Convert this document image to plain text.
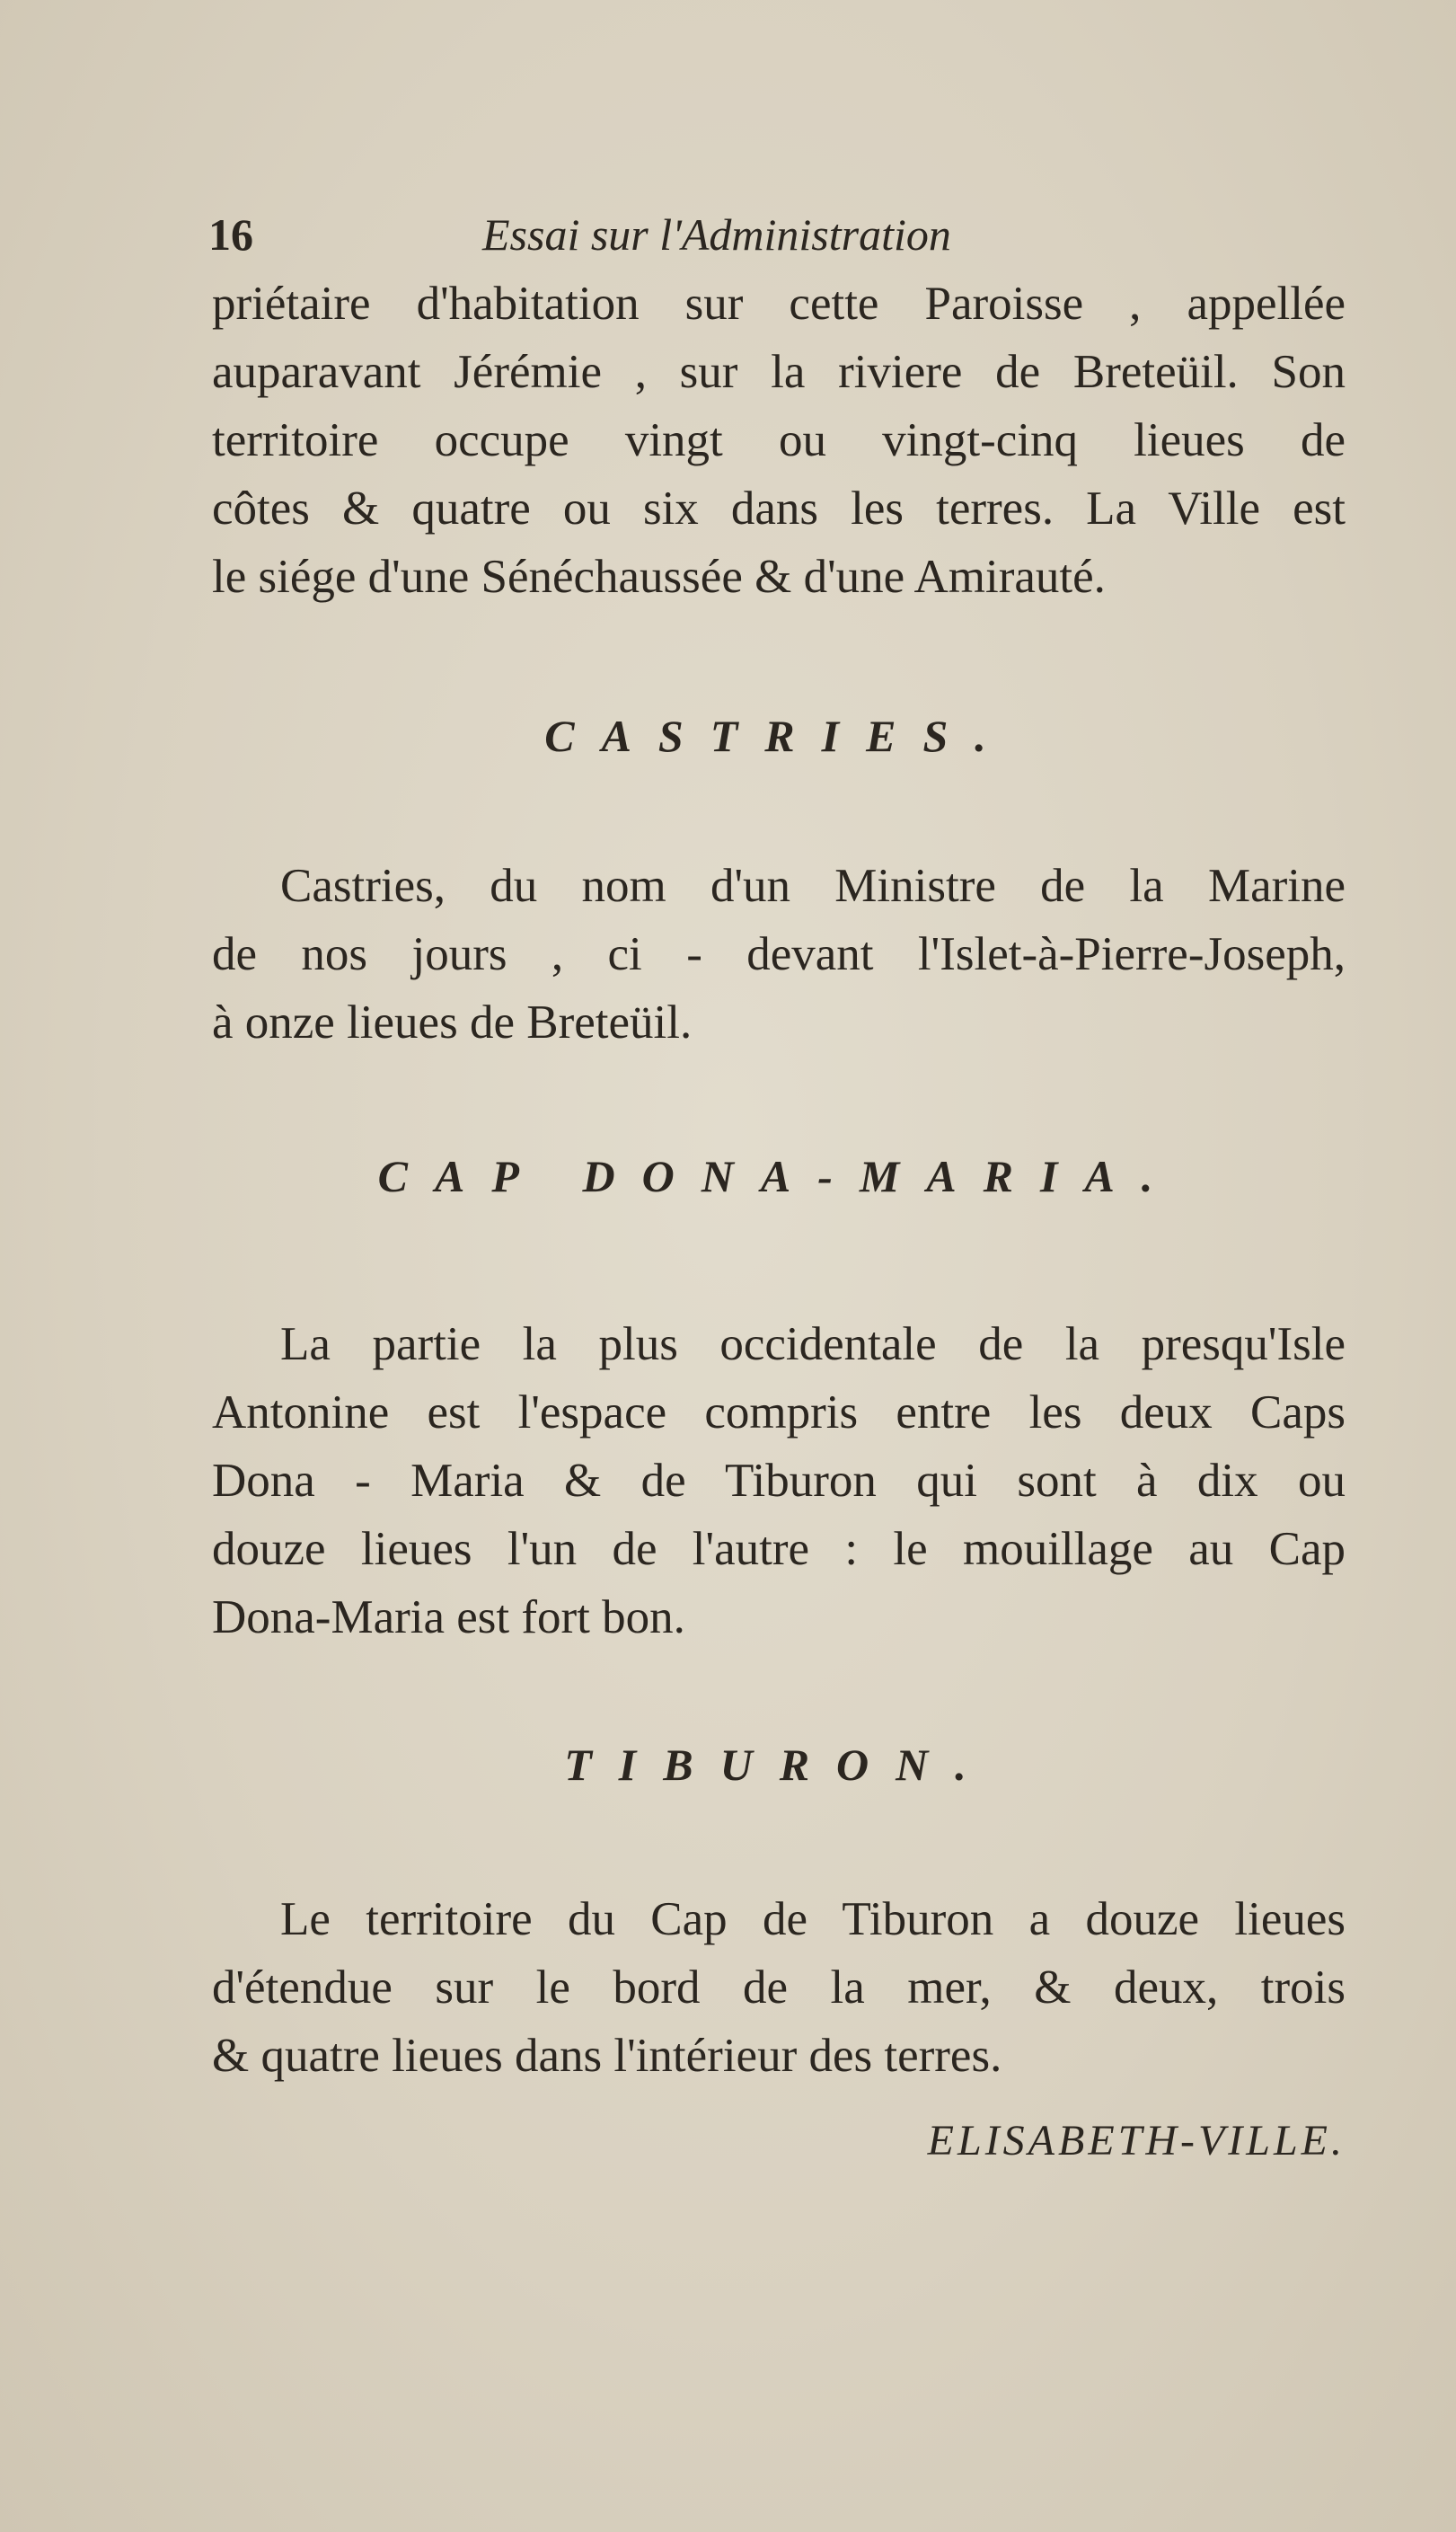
16	Essai sur l'Administration
priétaire d'habitation sur cette Paroisse , appellée
auparavant Jérémie , sur la riviere de Breteüil. Son
territoire occupe vingt ou vingt-cinq lieues de
côtes & quatre ou six dans les terres. La Ville est
le siége d'une Sénéchaussée & d'une Amirauté.
CASTRIES.
Castries, du nom d'un Ministre de la Marine
de nos jours , ci - devant l'Islet-à-Pierre-Joseph,
à onze lieues de Breteüil.
CAP DONA-MARIA.
La partie la plus occidentale de la presqu'Isle
Antonine est l'espace compris entre les deux Caps
Dona - Maria & de Tiburon qui sont à dix ou
douze lieues l'un de l'autre : le mouillage au Cap
Dona-Maria est fort bon.
TIBURON.
Le territoire du Cap de Tiburon a douze lieues
d'étendue sur le bord de la mer, & deux, trois
& quatre lieues dans l'intérieur des terres.
ELISABETH-VILLE.
